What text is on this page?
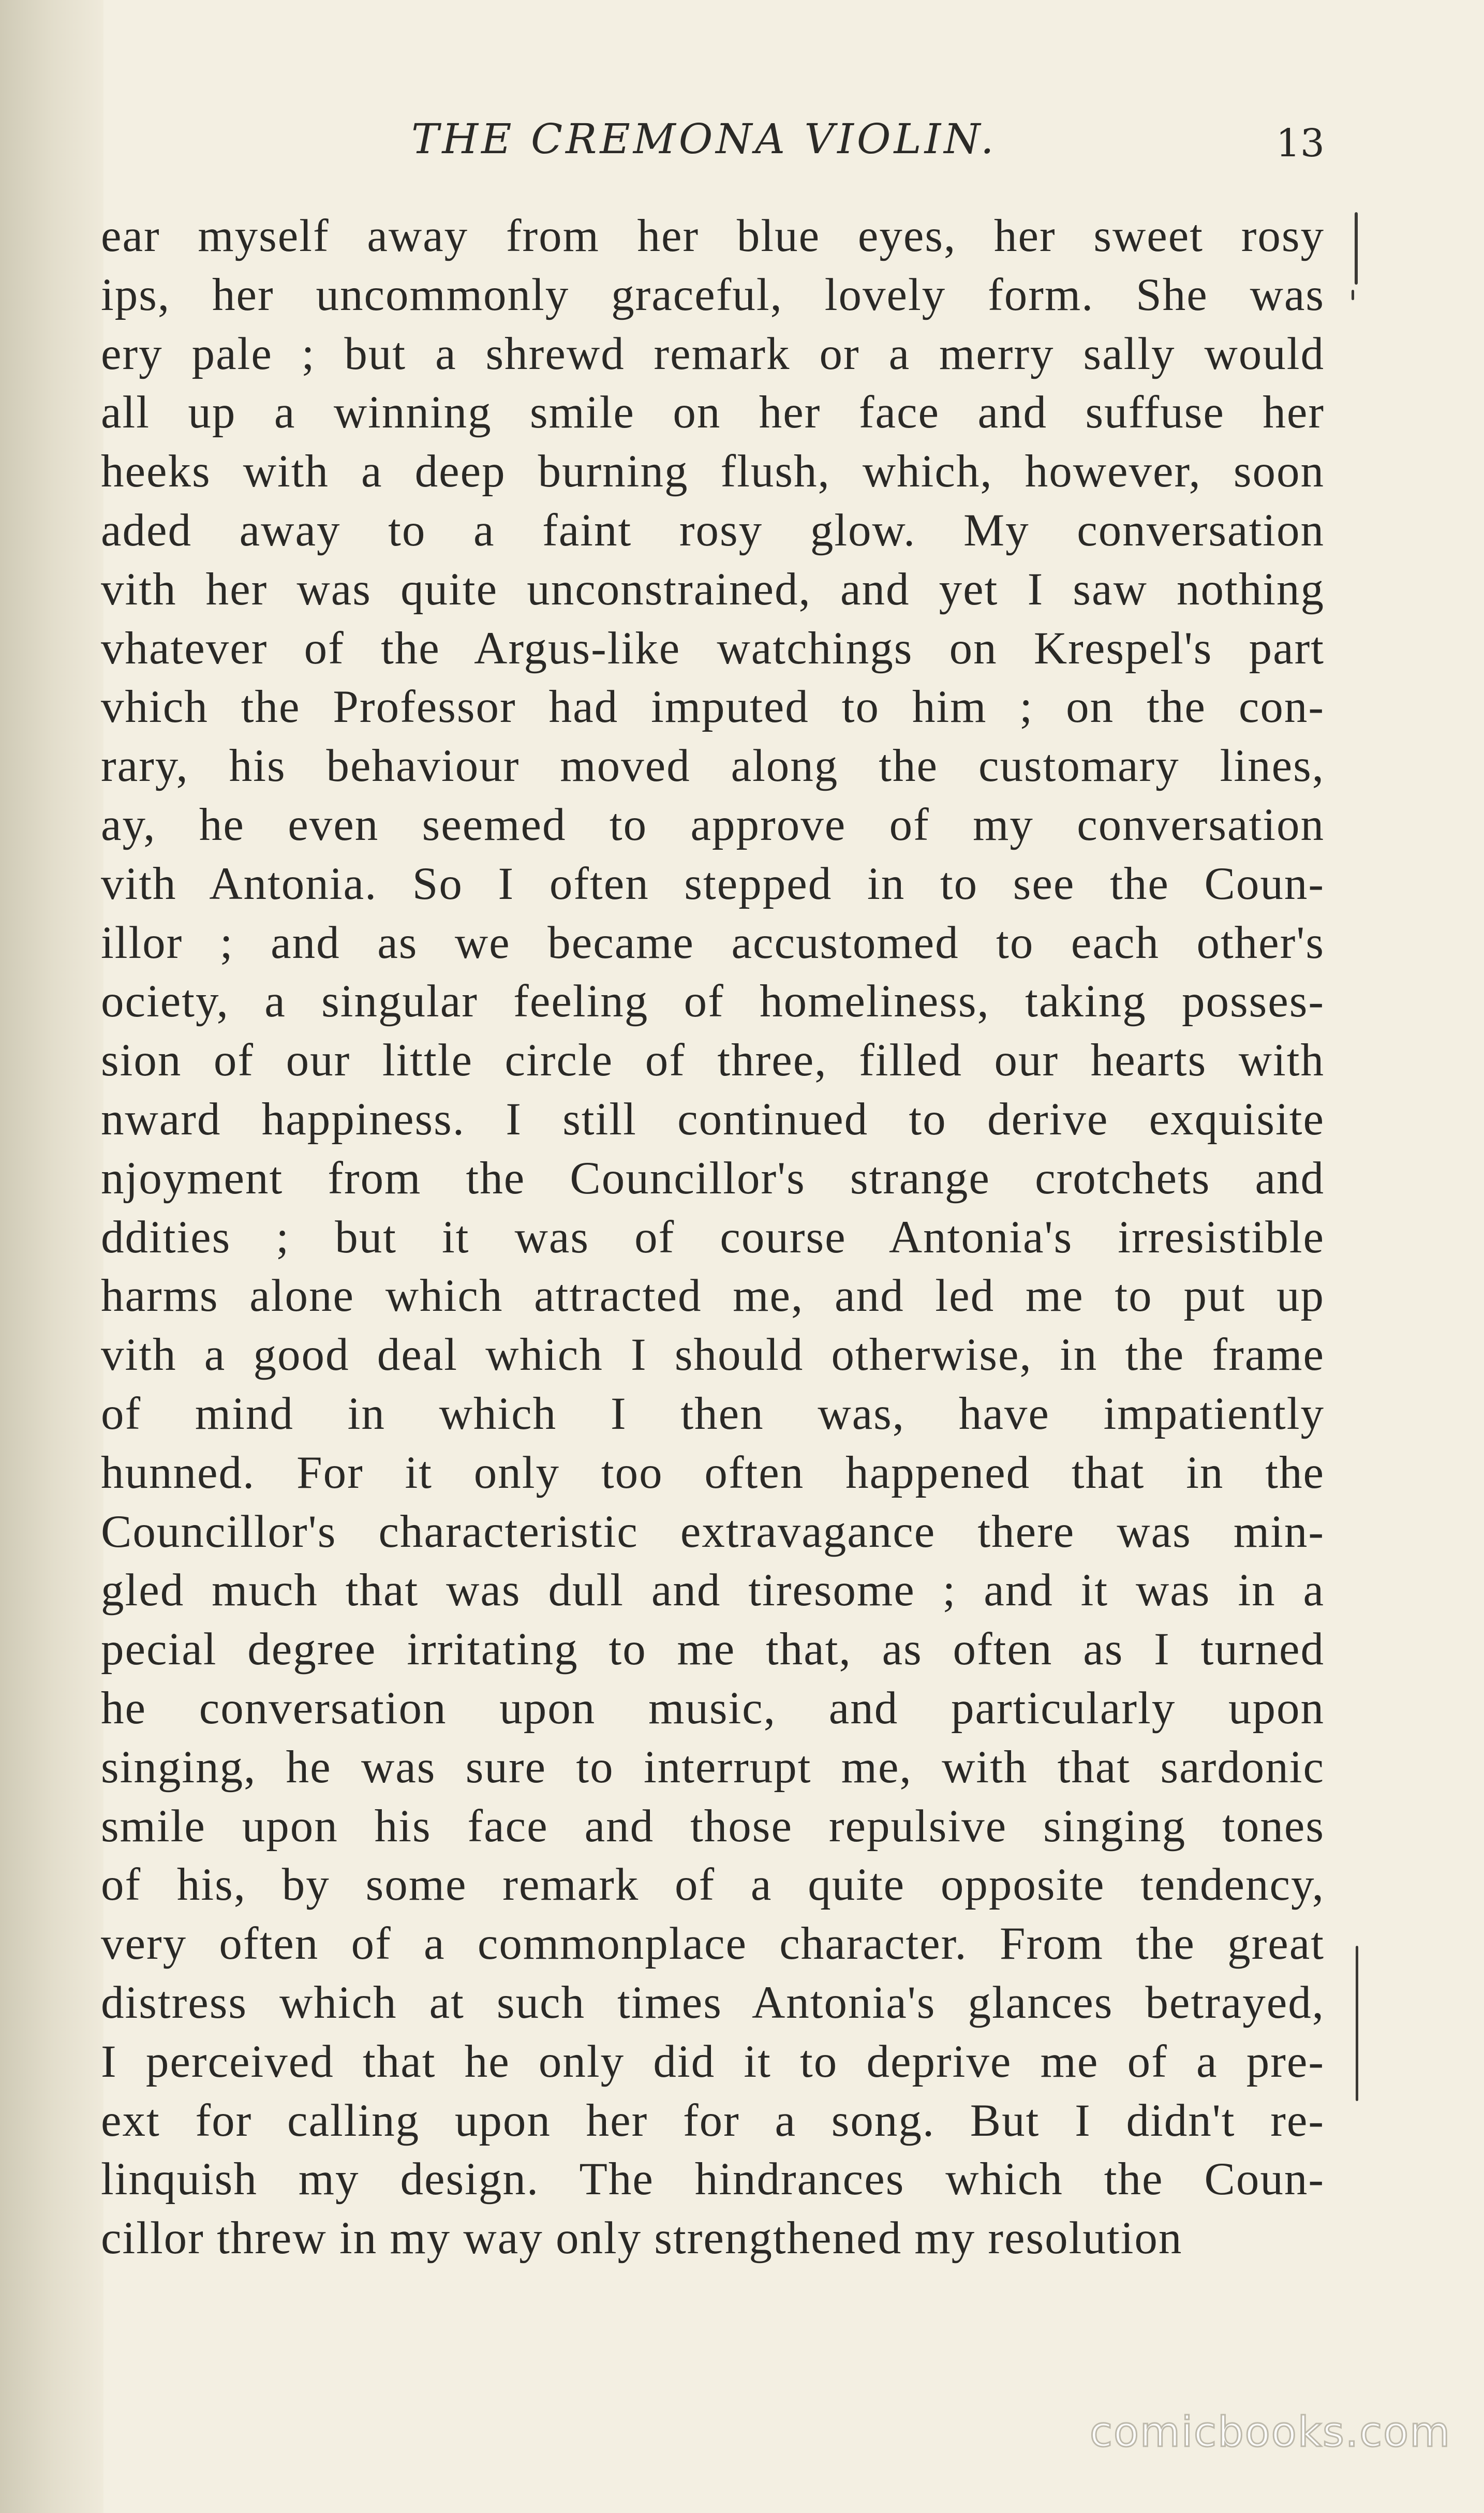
THE CREMONA VIOLIN.	13
ear myself away from her blue eyes, her sweet rosy
ips, her uncommonly graceful, lovely form. She was
ery pale ; but a shrewd remark or a merry sally would
all up a winning smile on her face and suffuse her
heeks with a deep burning flush, which, however, soon
aded away to a faint rosy glow. My conversation
vith her was quite unconstrained, and yet I saw nothing
vhatever of the Argus-like watchings on Krespel's part
vhich the Professor had imputed to him ; on the con-
rary, his behaviour moved along the customary lines,
ay, he even seemed to approve of my conversation
vith Antonia. So I often stepped in to see the Coun-
illor ; and as we became accustomed to each other's
ociety, a singular feeling of homeliness, taking posses-
sion of our little circle of three, filled our hearts with
nward happiness. I still continued to derive exquisite
njoyment from the Councillor's strange crotchets and
ddities ; but it was of course Antonia's irresistible
harms alone which attracted me, and led me to put up
vith a good deal which I should otherwise, in the frame
of mind in which I then was, have impatiently
hunned. For it only too often happened that in the
Councillor's characteristic extravagance there was min-
gled much that was dull and tiresome ; and it was in a
pecial degree irritating to me that, as often as I turned
he conversation upon music, and particularly upon
singing, he was sure to interrupt me, with that sardonic
smile upon his face and those repulsive singing tones
of his, by some remark of a quite opposite tendency,
very often of a commonplace character. From the great
distress which at such times Antonia's glances betrayed,
I perceived that he only did it to deprive me of a pre-
ext for calling upon her for a song. But I didn't re-
linquish my design. The hindrances which the Coun-
cillor threw in my way only strengthened my resolution
comicbooks.com
